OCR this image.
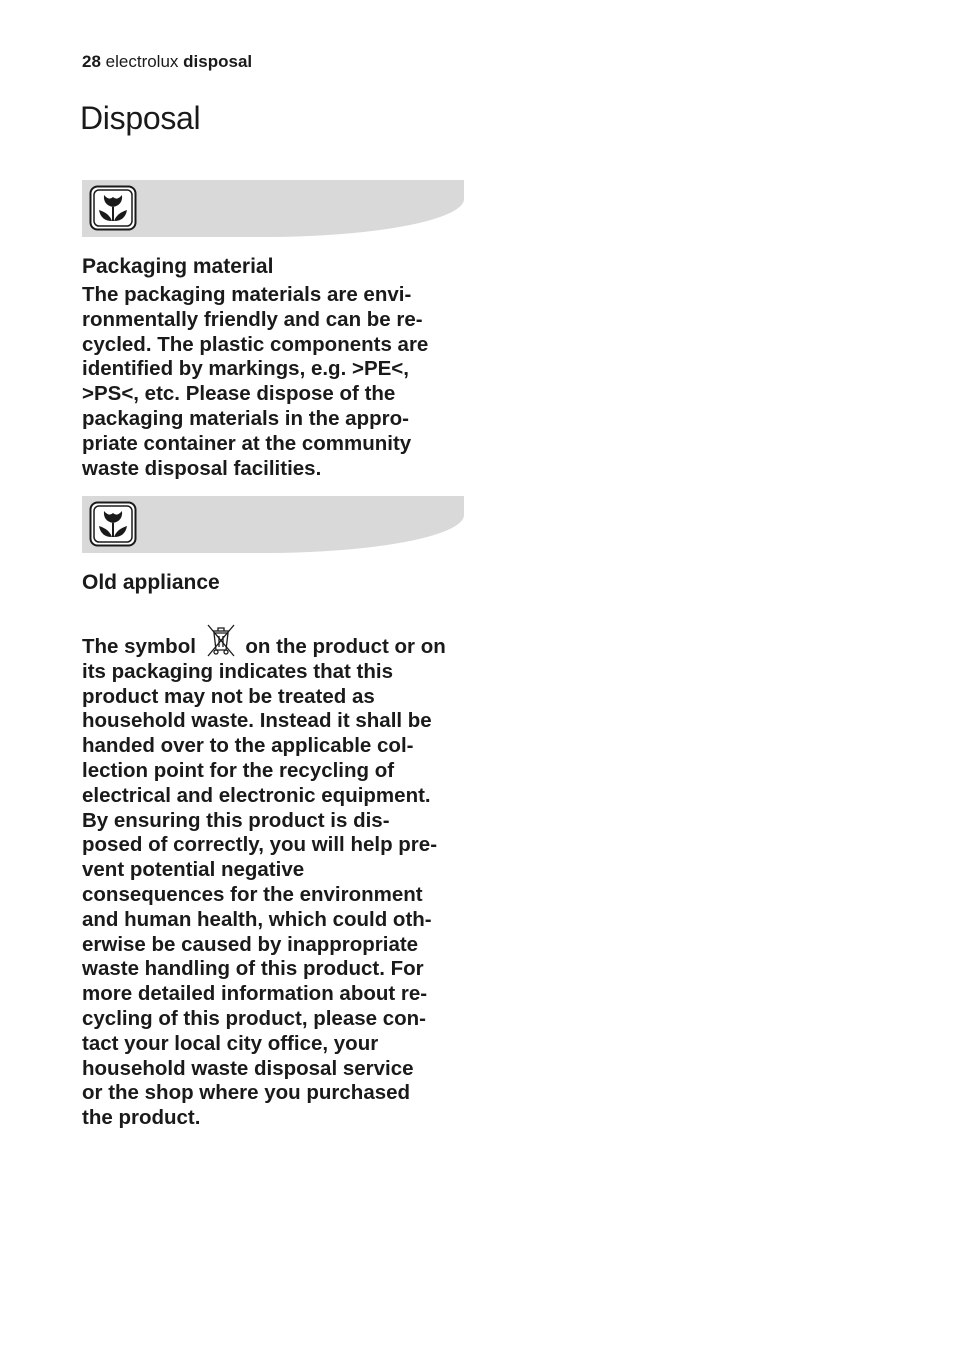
28 electrolux disposal
Disposal
Packaging material

The packaging materials are envi-
ronmentally friendly and can be re-
cycled. The plastic components are
identified by markings, e.g. >PE<,
>PS<, etc. Please dispose of the
packaging materials in the appro-
priate container at the community
waste disposal facilities.

Old appliance

The symbol on the product or on
its packaging indicates that this
product may not be treated as
household waste. Instead it shall be
handed over to the applicable col-
lection point for the recycling of
electrical and electronic equipment.
By ensuring this product is dis-
posed of correctly, you will help pre-
vent potential negative
consequences for the environment
and human health, which could oth-
erwise be caused by inappropriate
waste handling of this product. For
more detailed information about re-
cycling of this product, please con-
tact your local city office, your
household waste disposal service
or the shop where you purchased
the product.
